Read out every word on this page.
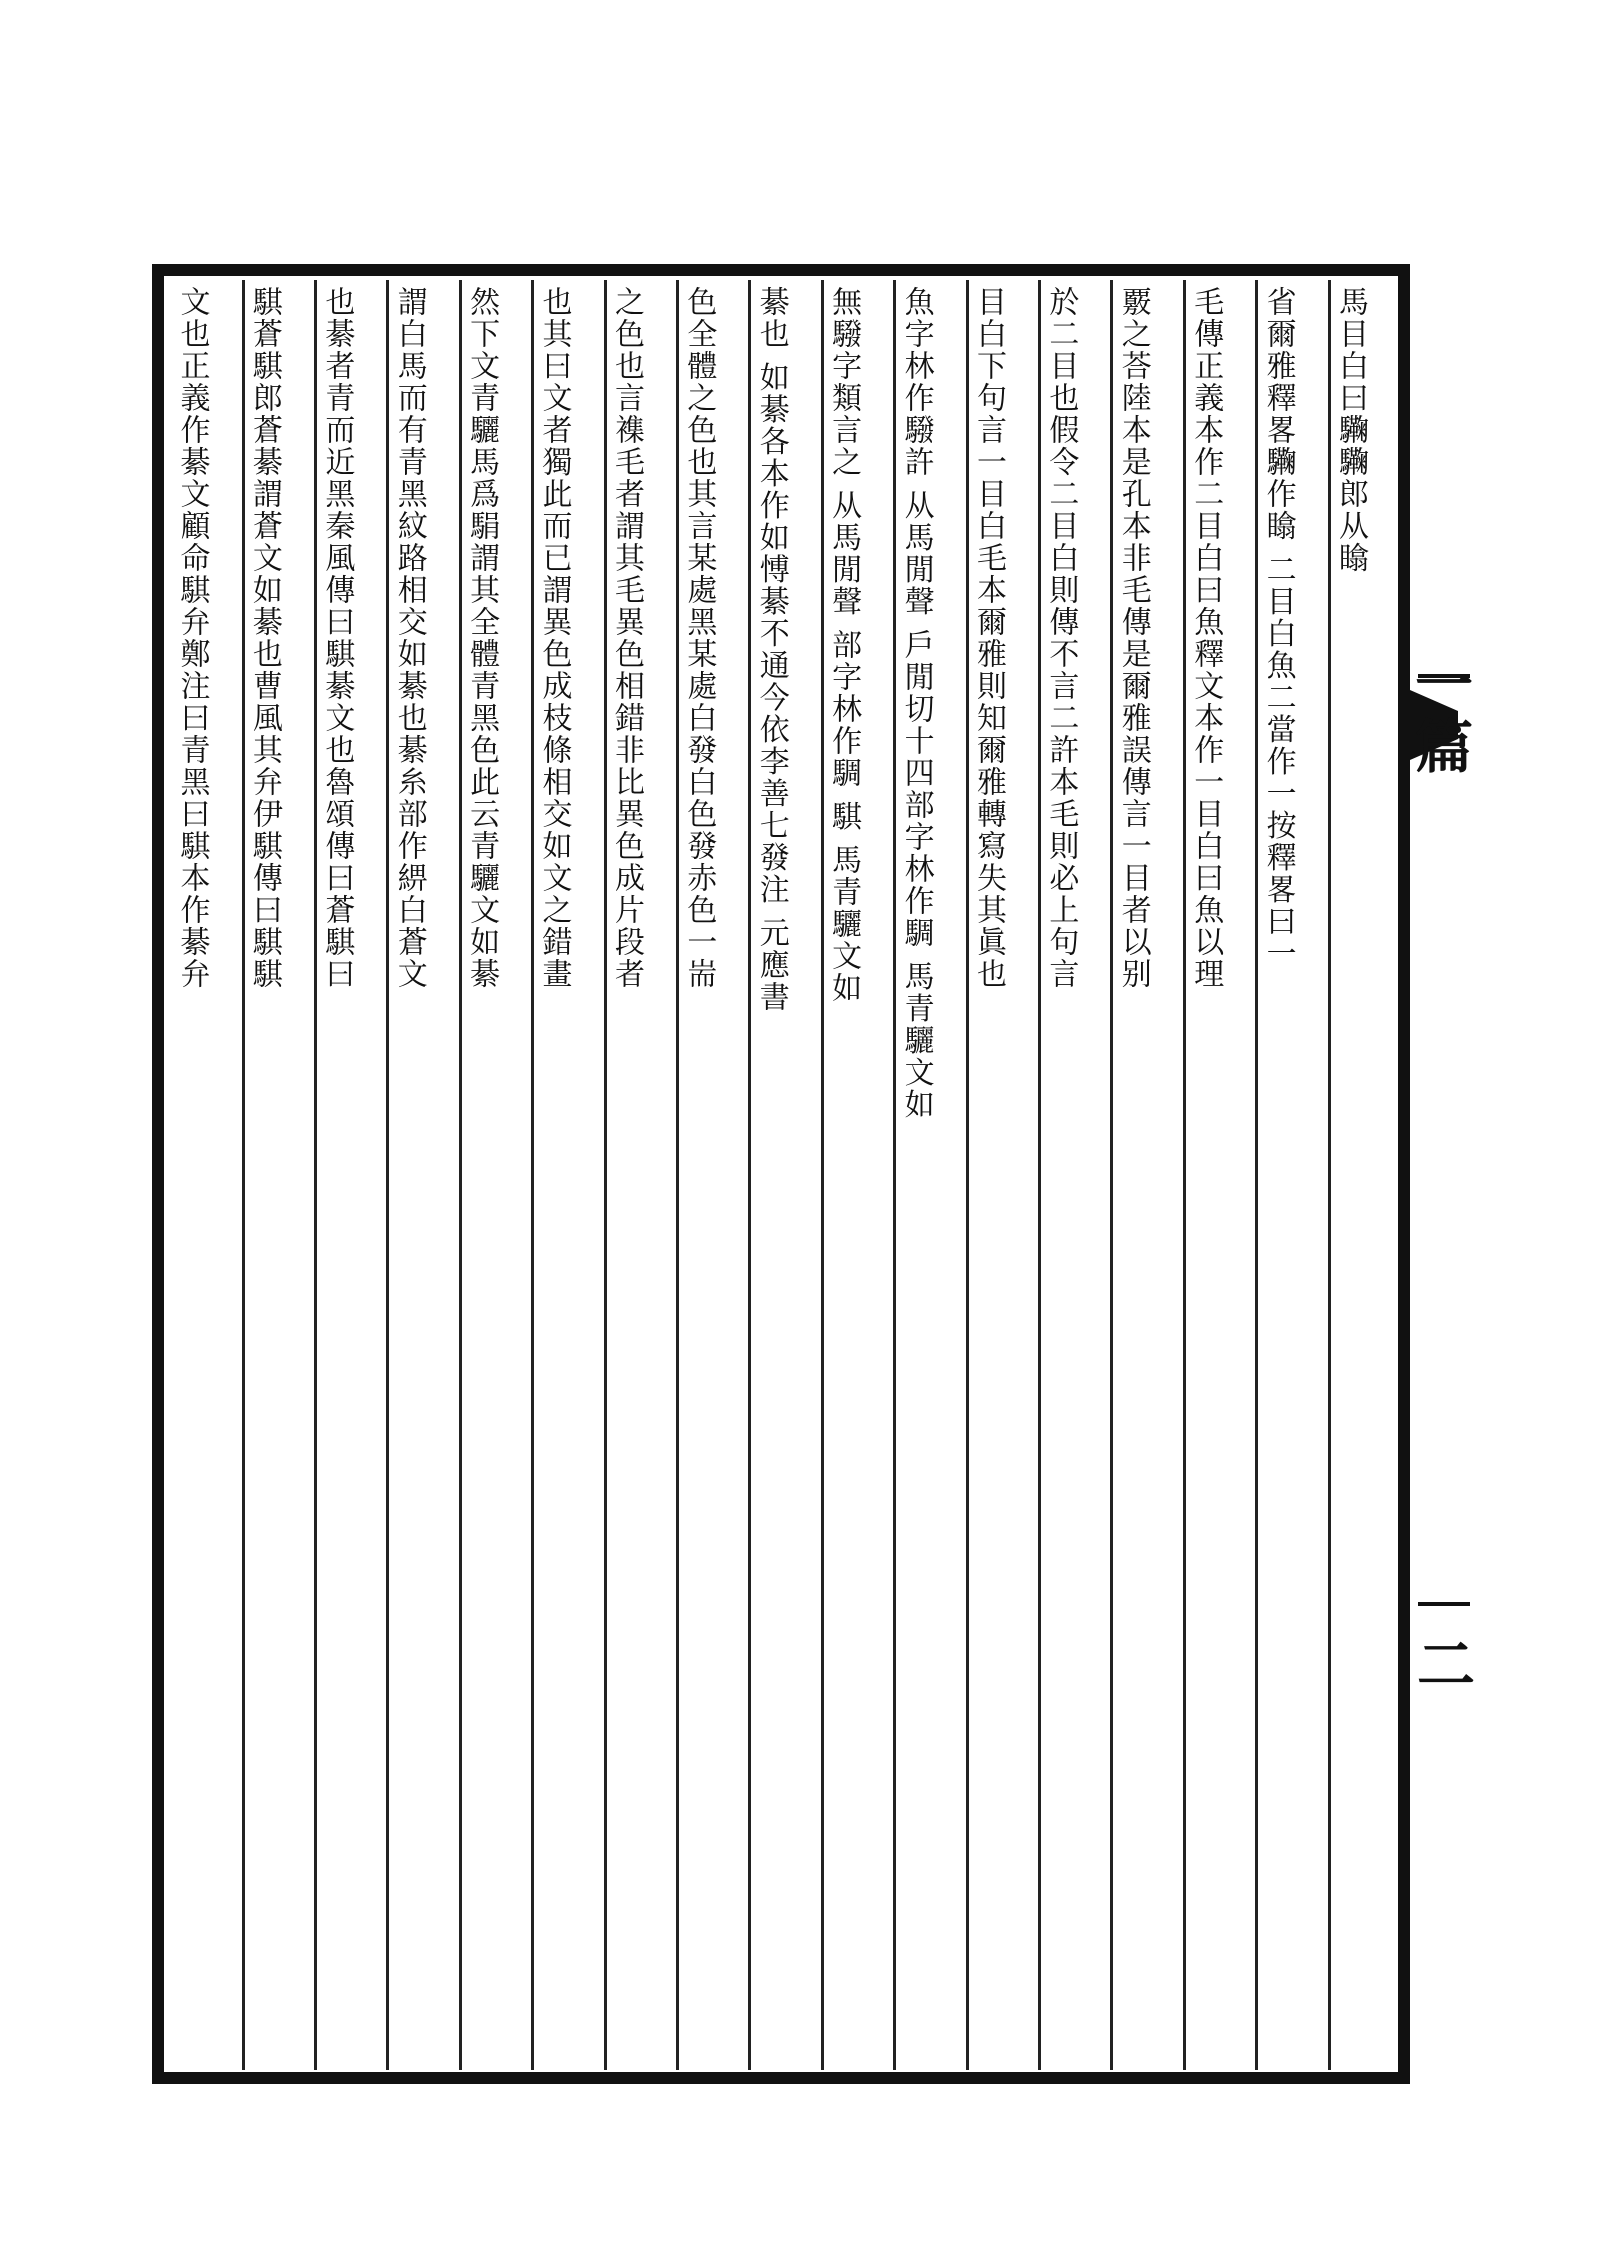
一篇
二
馬目白曰驧驧郎从䁯
省爾雅釋畧驧作䁯 二目白魚二當作一按釋畧曰一
毛傳正義本作二目白曰魚釋文本作一目白曰魚以理
覈之荅陸本是孔本非毛傳是爾雅誤傳言一目者以别
於二目也假令二目白則傳不言二許本毛則必上句言
目白下句言一目白毛本爾雅則知爾雅轉寫失其眞也
魚字林作驋許 从馬閒聲 戶閒切十四部字林作騆 馬青驪文如
無驋字類言之 从馬閒聲 部字林作騆 騏 馬青驪文如
綦也 如綦各本作如愽綦不通今依李善七發注 元應書
色全體之色也其言某處黑某處白發白色發赤色一耑
之色也言襍毛者謂其毛異色相錯非比異色成片段者
也其曰文者獨此而已謂異色成枝條相交如文之錯畫
然下文青驪馬爲駽謂其全體青黑色此云青驪文如綦
謂白馬而有青黑紋路相交如綦也綦糸部作綥白蒼文
也綦者青而近黑秦風傳曰騏綦文也魯頌傳曰蒼騏曰
騏蒼騏郎蒼綦謂蒼文如綦也曹風其弁伊騏傳曰騏騏
文也正義作綦文顧命騏弁鄭注曰青黑曰騏本作綦弁
